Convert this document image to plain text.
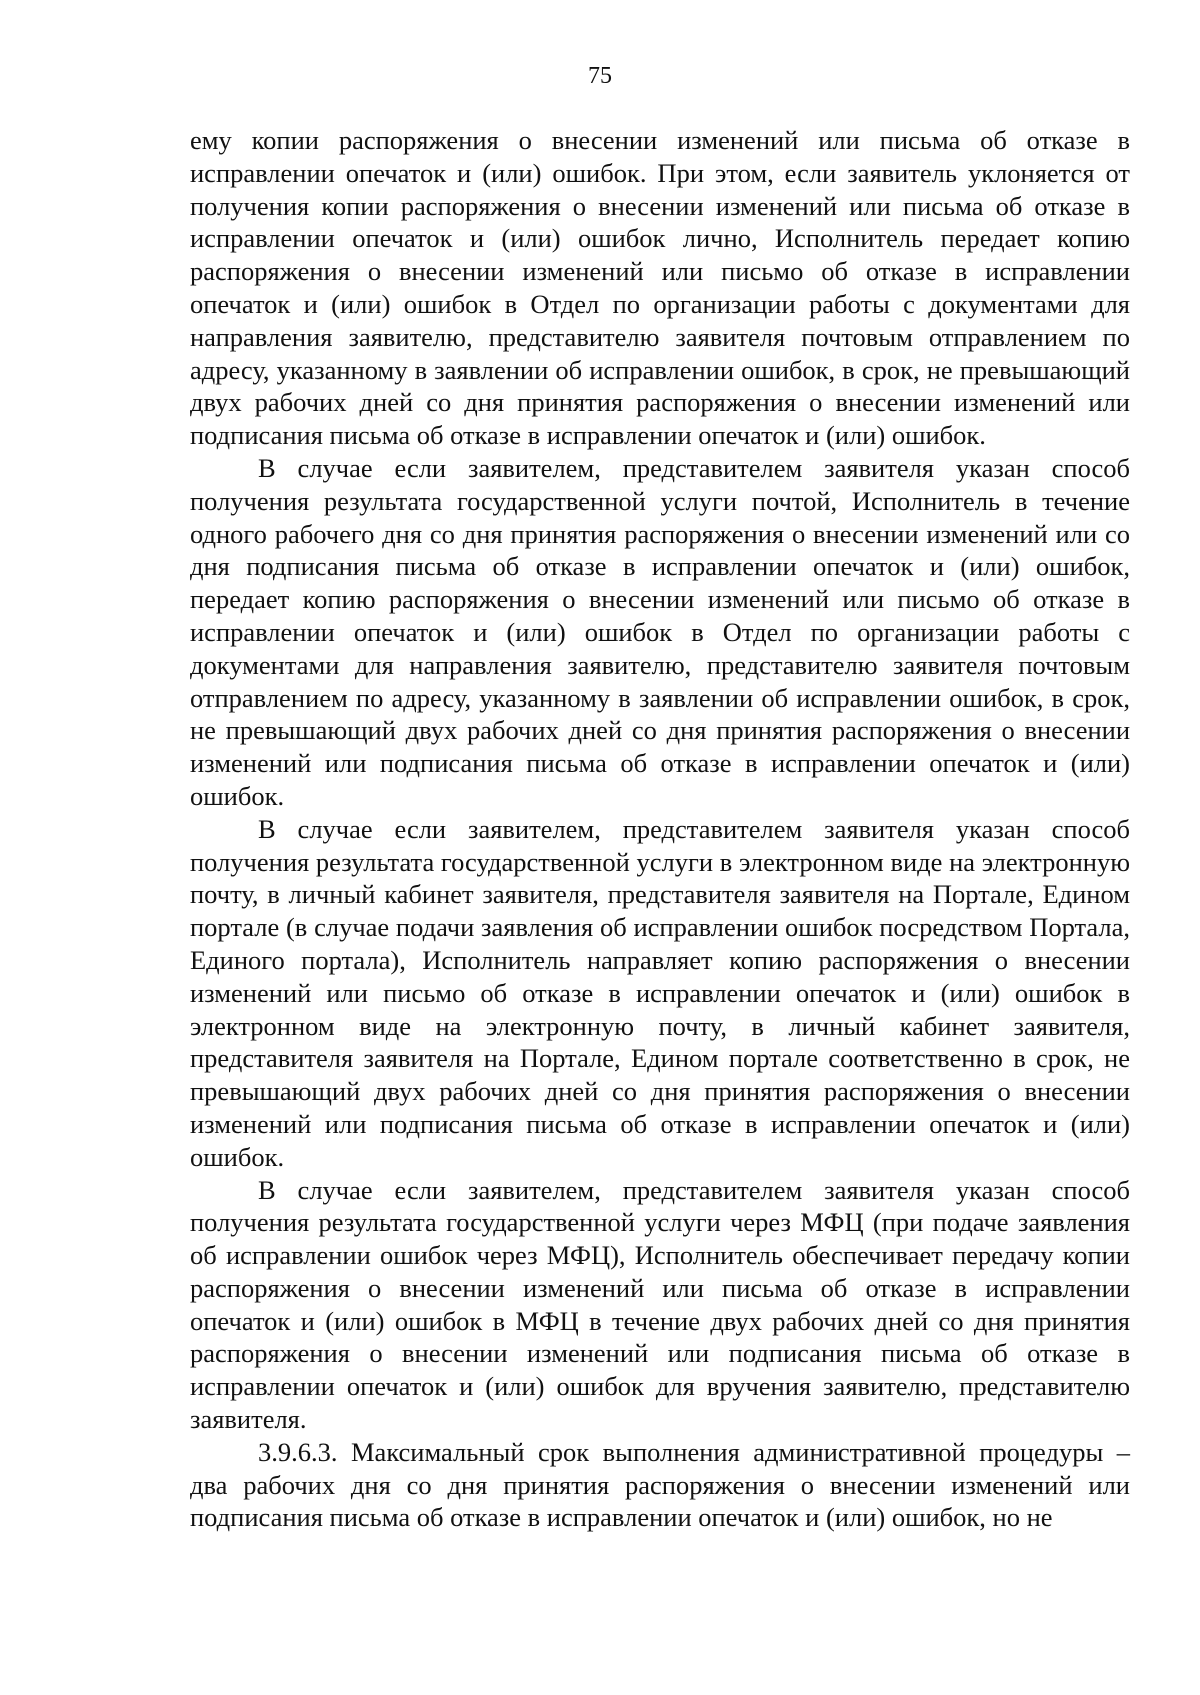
75

ему копии распоряжения о внесении изменений или письма об отказе в исправлении опечаток и (или) ошибок. При этом, если заявитель уклоняется от получения копии распоряжения о внесении изменений или письма об отказе в исправлении опечаток и (или) ошибок лично, Исполнитель передает копию распоряжения о внесении изменений или письмо об отказе в исправлении опечаток и (или) ошибок в Отдел по организации работы с документами для направления заявителю, представителю заявителя почтовым отправлением по адресу, указанному в заявлении об исправлении ошибок, в срок, не превышающий двух рабочих дней со дня принятия распоряжения о внесении изменений или подписания письма об отказе в исправлении опечаток и (или) ошибок.

В случае если заявителем, представителем заявителя указан способ получения результата государственной услуги почтой, Исполнитель в течение одного рабочего дня со дня принятия распоряжения о внесении изменений или со дня подписания письма об отказе в исправлении опечаток и (или) ошибок, передает копию распоряжения о внесении изменений или письмо об отказе в исправлении опечаток и (или) ошибок в Отдел по организации работы с документами для направления заявителю, представителю заявителя почтовым отправлением по адресу, указанному в заявлении об исправлении ошибок, в срок, не превышающий двух рабочих дней со дня принятия распоряжения о внесении изменений или подписания письма об отказе в исправлении опечаток и (или) ошибок.

В случае если заявителем, представителем заявителя указан способ получения результата государственной услуги в электронном виде на электронную почту, в личный кабинет заявителя, представителя заявителя на Портале, Едином портале (в случае подачи заявления об исправлении ошибок посредством Портала, Единого портала), Исполнитель направляет копию распоряжения о внесении изменений или письмо об отказе в исправлении опечаток и (или) ошибок в электронном виде на электронную почту, в личный кабинет заявителя, представителя заявителя на Портале, Едином портале соответственно в срок, не превышающий двух рабочих дней со дня принятия распоряжения о внесении изменений или подписания письма об отказе в исправлении опечаток и (или) ошибок.

В случае если заявителем, представителем заявителя указан способ получения результата государственной услуги через МФЦ (при подаче заявления об исправлении ошибок через МФЦ), Исполнитель обеспечивает передачу копии распоряжения о внесении изменений или письма об отказе в исправлении опечаток и (или) ошибок в МФЦ в течение двух рабочих дней со дня принятия распоряжения о внесении изменений или подписания письма об отказе в исправлении опечаток и (или) ошибок для вручения заявителю, представителю заявителя.

3.9.6.3. Максимальный срок выполнения административной процедуры – два рабочих дня со дня принятия распоряжения о внесении изменений или подписания письма об отказе в исправлении опечаток и (или) ошибок, но не
